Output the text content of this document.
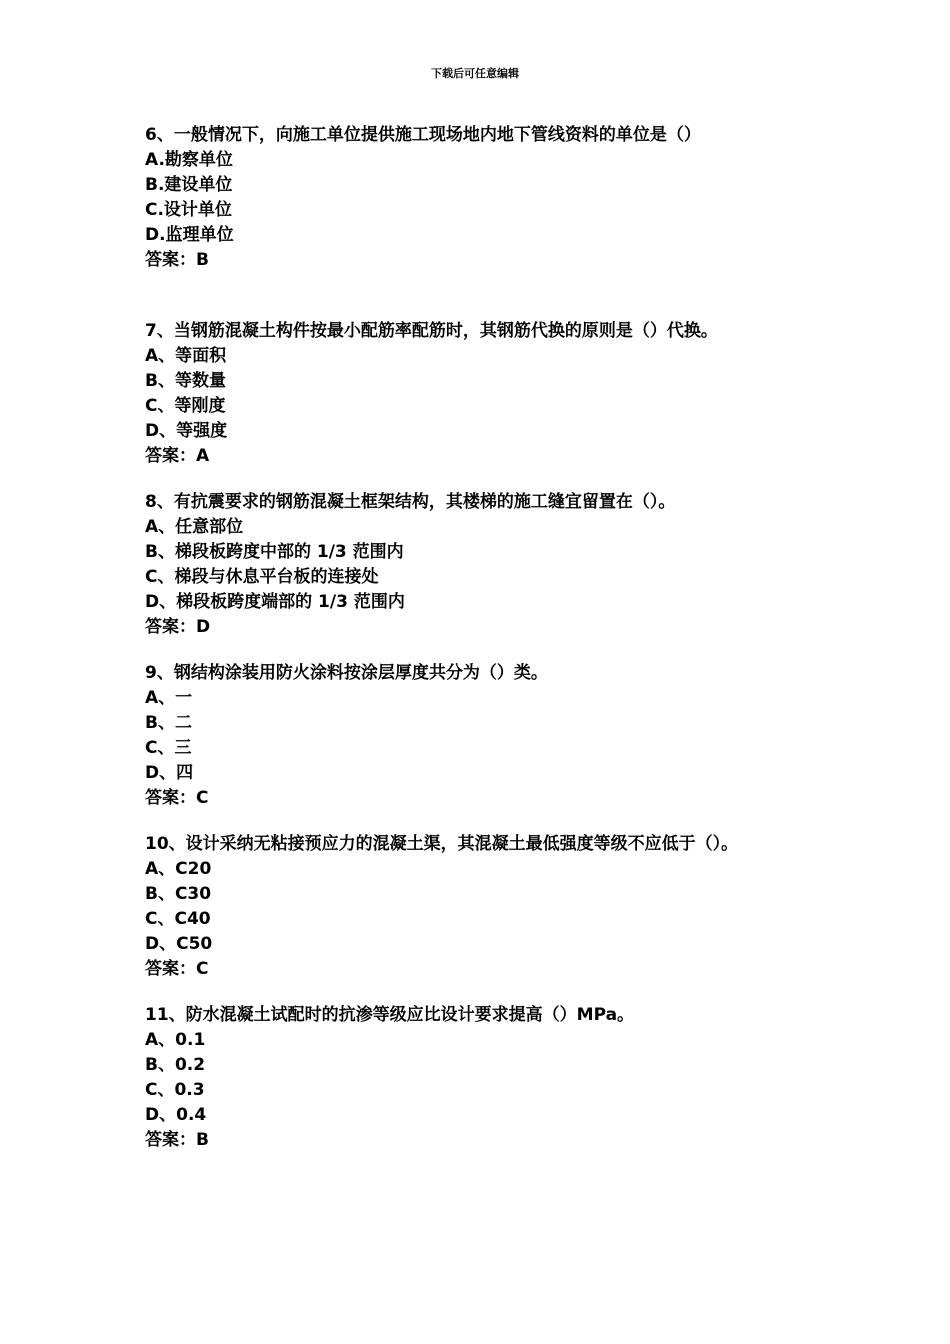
下载后可任意编辑
6、一般情况下，向施工单位提供施工现场地内地下管线资料的单位是（）
A.勘察单位
B.建设单位
C.设计单位
D.监理单位
答案：B
7、当钢筋混凝土构件按最小配筋率配筋时，其钢筋代换的原则是（）代换。
A、等面积
B、等数量
C、等刚度
D、等强度
答案：A
8、有抗震要求的钢筋混凝土框架结构，其楼梯的施工缝宜留置在（）。
A、任意部位
B、梯段板跨度中部的 1/3 范围内
C、梯段与休息平台板的连接处
D、梯段板跨度端部的 1/3 范围内
答案：D
9、钢结构涂装用防火涂料按涂层厚度共分为（）类。
A、一
B、二
C、三
D、四
答案：C
10、设计采纳无粘接预应力的混凝土渠，其混凝土最低强度等级不应低于（）。
A、C20
B、C30
C、C40
D、C50
答案：C
11、防水混凝土试配时的抗渗等级应比设计要求提高（）MPa。
A、0.1
B、0.2
C、0.3
D、0.4
答案：B
